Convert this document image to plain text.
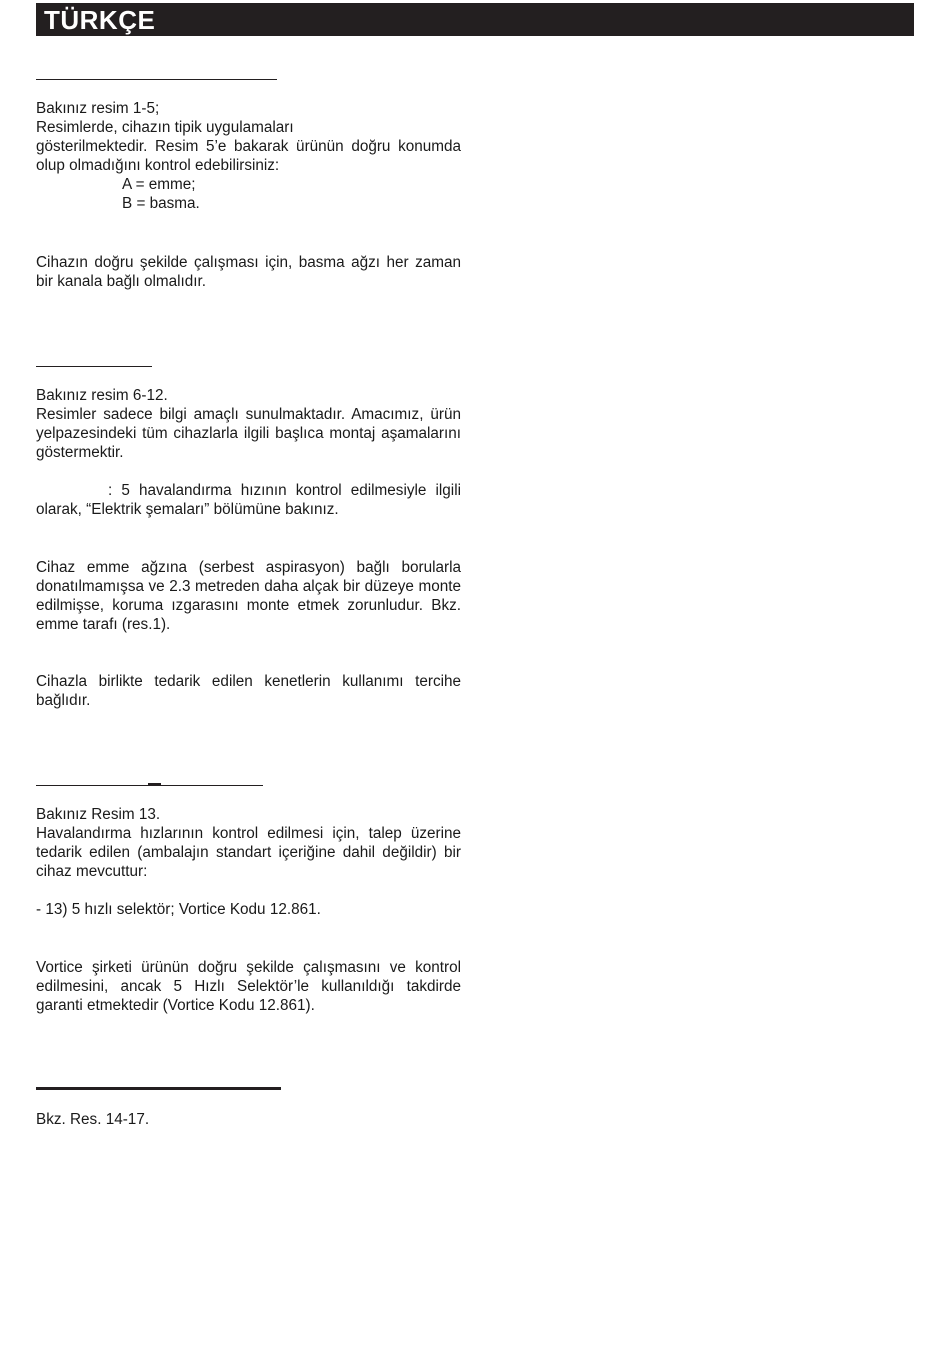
TÜRKÇE
Bakınız resim 1-5;
Resimlerde, cihazın tipik uygulamaları
gösterilmektedir. Resim 5’e bakarak ürünün doğru konumda olup olmadığını kontrol edebilirsiniz:
A = emme;
B = basma.

Cihazın doğru şekilde çalışması için, basma ağzı her zaman bir kanala bağlı olmalıdır.

Bakınız resim 6-12.
Resimler sadece bilgi amaçlı sunulmaktadır. Amacımız, ürün yelpazesindeki tüm cihazlarla ilgili başlıca montaj aşamalarını göstermektir.

: 5 havalandırma hızının kontrol edilmesiyle ilgili olarak, “Elektrik şemaları” bölümüne bakınız.

Cihaz emme ağzına (serbest aspirasyon) bağlı borularla donatılmamışsa ve 2.3 metreden daha alçak bir düzeye monte edilmişse, koruma ızgarasını monte etmek zorunludur. Bkz. emme tarafı (res.1).

Cihazla birlikte tedarik edilen kenetlerin kullanımı tercihe bağlıdır.

Bakınız Resim 13.
Havalandırma hızlarının kontrol edilmesi için, talep üzerine tedarik edilen (ambalajın standart içeriğine dahil değildir) bir cihaz mevcuttur:

- 13) 5 hızlı selektör; Vortice Kodu 12.861.

Vortice şirketi ürünün doğru şekilde çalışmasını ve kontrol edilmesini, ancak 5 Hızlı Selektör’le kullanıldığı takdirde garanti etmektedir (Vortice Kodu 12.861).

Bkz. Res. 14-17.
